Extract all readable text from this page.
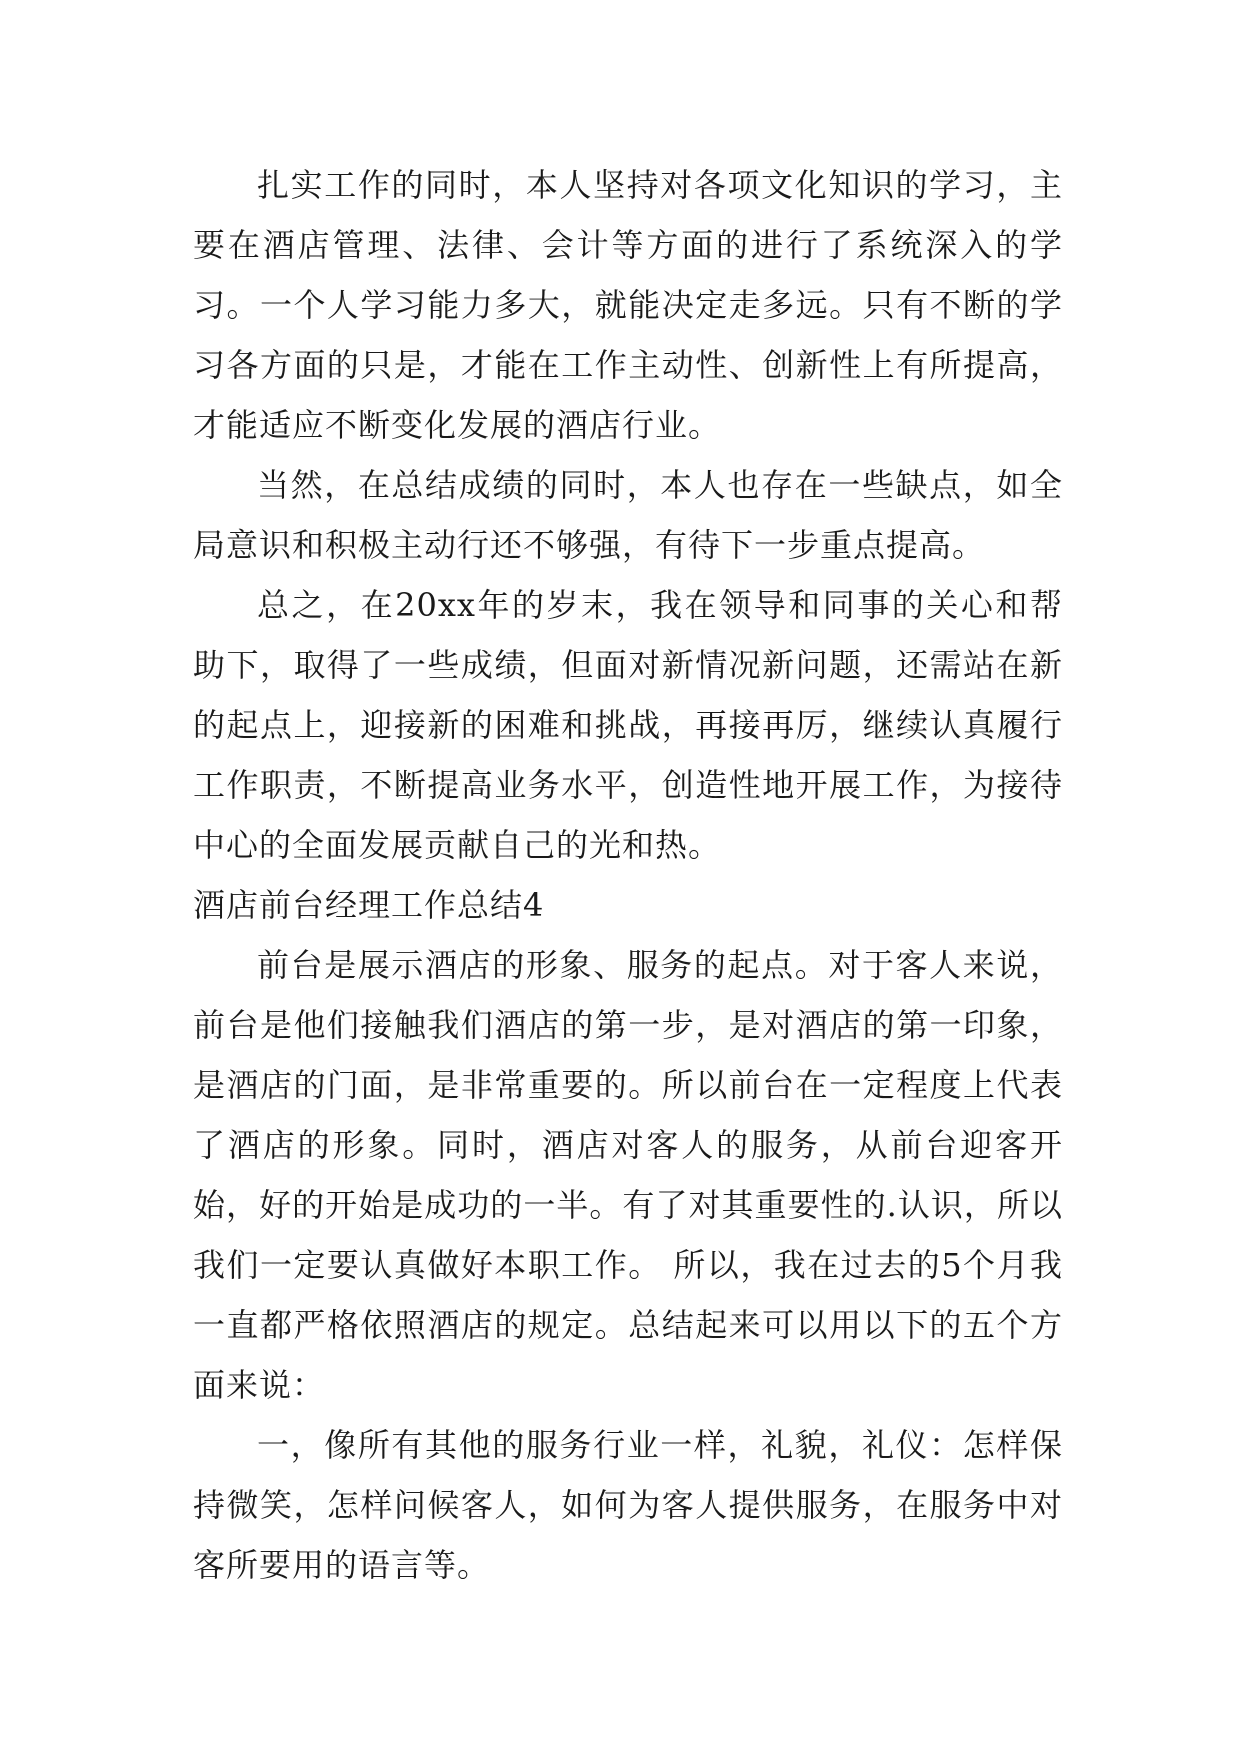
扎实工作的同时，本人坚持对各项文化知识的学习，主要在酒店管理、法律、会计等方面的进行了系统深入的学习。一个人学习能力多大，就能决定走多远。只有不断的学习各方面的只是，才能在工作主动性、创新性上有所提高，才能适应不断变化发展的酒店行业。

当然，在总结成绩的同时，本人也存在一些缺点，如全局意识和积极主动行还不够强，有待下一步重点提高。

总之，在20xx年的岁末，我在领导和同事的关心和帮助下，取得了一些成绩，但面对新情况新问题，还需站在新的起点上，迎接新的困难和挑战，再接再厉，继续认真履行工作职责，不断提高业务水平，创造性地开展工作，为接待中心的全面发展贡献自己的光和热。

酒店前台经理工作总结4

前台是展示酒店的形象、服务的起点。对于客人来说，前台是他们接触我们酒店的第一步，是对酒店的第一印象，是酒店的门面，是非常重要的。所以前台在一定程度上代表了酒店的形象。同时，酒店对客人的服务，从前台迎客开始，好的开始是成功的一半。有了对其重要性的.认识，所以我们一定要认真做好本职工作。 所以，我在过去的5个月我一直都严格依照酒店的规定。总结起来可以用以下的五个方面来说：

一，像所有其他的服务行业一样，礼貌，礼仪：怎样保持微笑，怎样问候客人，如何为客人提供服务，在服务中对客所要用的语言等。
